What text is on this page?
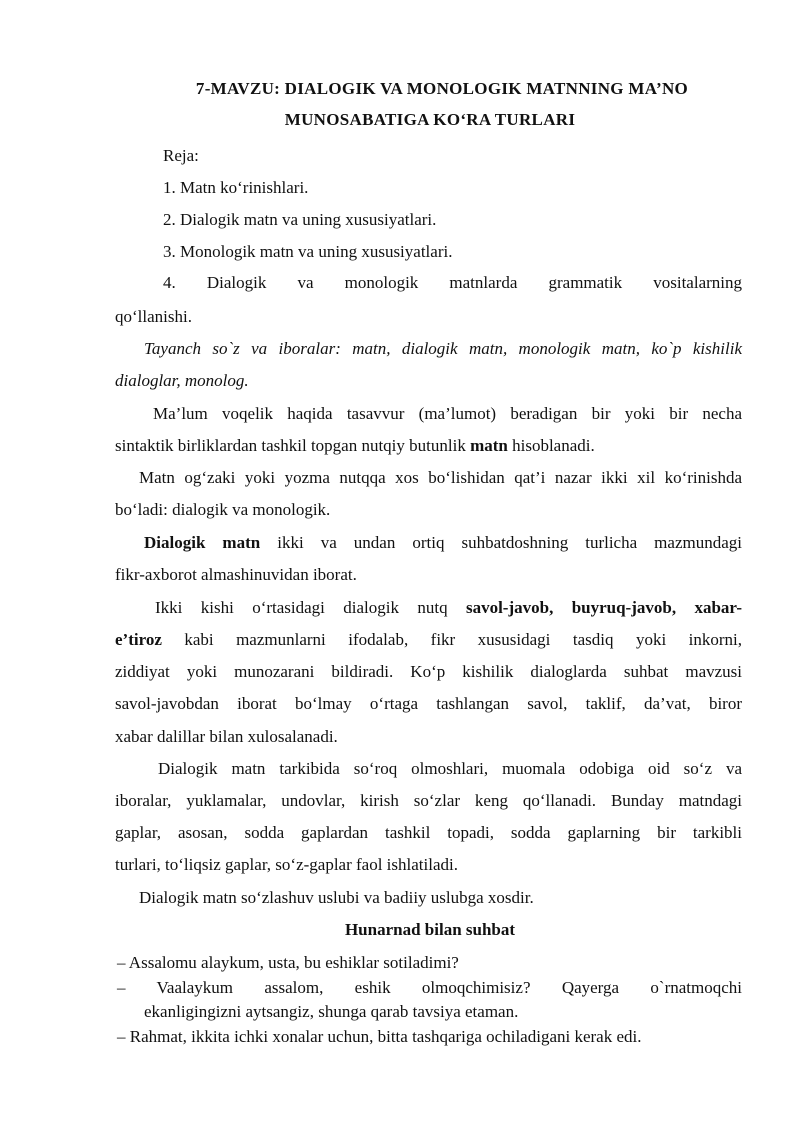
7-MAVZU: DIALOGIK VA MONOLOGIK MATNNING MA’NO
MUNOSABATIGA KO‘RA TURLARI
Reja:
1. Matn ko‘rinishlari.
2. Dialogik matn va uning xususiyatlari.
3. Monologik matn va uning xususiyatlari.
4. Dialogik va monologik matnlarda grammatik vositalarning
qo‘llanishi.
Tayanch so`z va iboralar: matn, dialogik matn, monologik matn, ko`p kishilik
dialoglar, monolog.
Ma’lum voqelik haqida tasavvur (ma’lumot) beradigan bir yoki bir necha
sintaktik birliklardan tashkil topgan nutqiy butunlik matn hisoblanadi.
Matn og‘zaki yoki yozma nutqqa xos bo‘lishidan qat’i nazar ikki xil ko‘rinishda
bo‘ladi: dialogik va monologik.
Dialogik matn ikki va undan ortiq suhbatdoshning turlicha mazmundagi
fikr-axborot almashinuvidan iborat.
Ikki kishi o‘rtasidagi dialogik nutq savol-javob, buyruq-javob, xabar-
e’tiroz kabi mazmunlarni ifodalab, fikr xususidagi tasdiq yoki inkorni,
ziddiyat yoki munozarani bildiradi. Ko‘p kishilik dialoglarda suhbat mavzusi
savol-javobdan iborat bo‘lmay o‘rtaga tashlangan savol, taklif, da’vat, biror
xabar dalillar bilan xulosalanadi.
Dialogik matn tarkibida so‘roq olmoshlari, muomala odobiga oid so‘z va
iboralar, yuklamalar, undovlar, kirish so‘zlar keng qo‘llanadi. Bunday matndagi
gaplar, asosan, sodda gaplardan tashkil topadi, sodda gaplarning bir tarkibli
turlari, to‘liqsiz gaplar, so‘z-gaplar faol ishlatiladi.
Dialogik matn so‘zlashuv uslubi va badiiy uslubga xosdir.
Hunarnad bilan suhbat
– Assalomu alaykum, usta, bu eshiklar sotiladimi?
– Vaalaykum assalom, eshik olmoqchimisiz? Qayerga o`rnatmoqchi
ekanligingizni aytsangiz, shunga qarab tavsiya etaman.
– Rahmat, ikkita ichki xonalar uchun, bitta tashqariga ochiladigani kerak edi.
